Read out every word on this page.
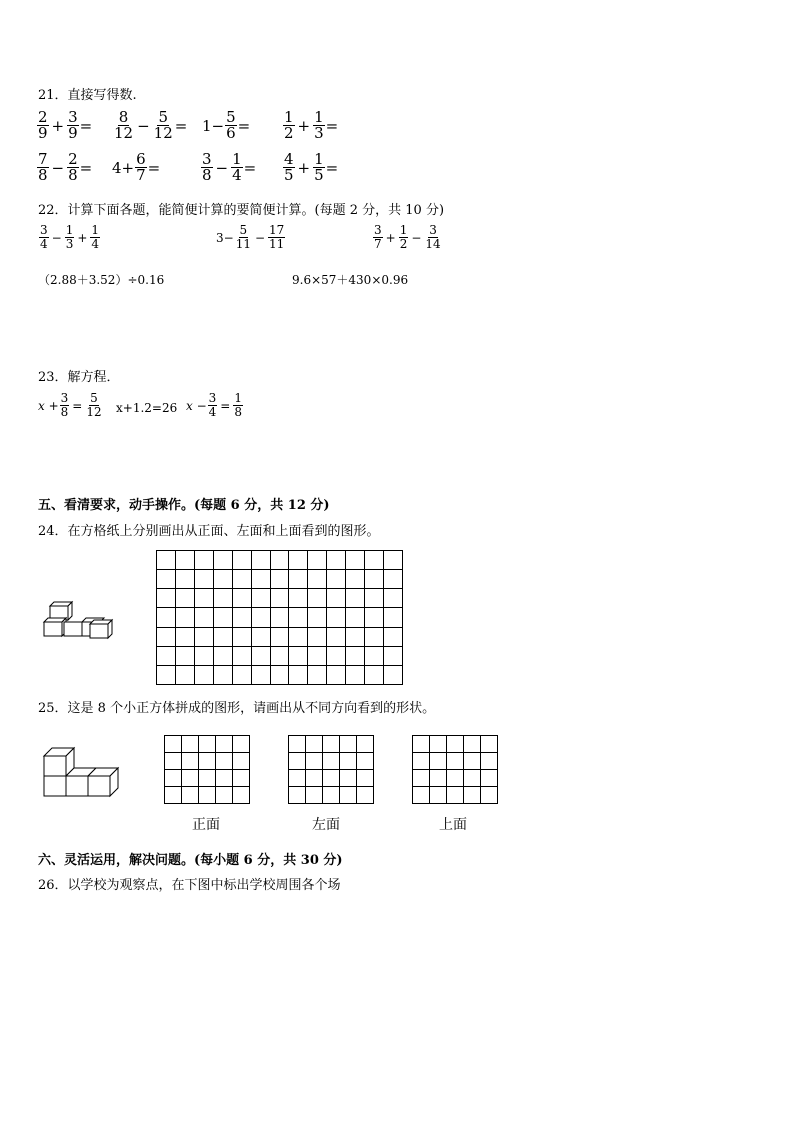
21．直接写得数.
$\frac{2}{9} + \frac{3}{9} = \frac{8}{12} - \frac{5}{12} = 1- \frac{5}{6} = \frac{1}{2} + \frac{1}{3}$ =
$\frac{7}{8} - \frac{2}{8} = 4+ \frac{6}{7}$ =	$\frac{3}{8} - \frac{1}{4} = \frac{4}{5} + \frac{1}{5}$ =
22．计算下面各题，能简便计算的要简便计算。(每题 2 分，共 10 分)
$\frac{3}{4} - \frac{1}{3} + \frac{1}{4}$	$3- \frac{5}{11} - \frac{17}{11}$	$\frac{3}{7} + \frac{1}{2} - \frac{3}{14}$
（2.88＋3.52）÷0.16	9.6×57＋430×0.96
23．解方程．
$x + \frac{3}{8} = \frac{5}{12} x+1.2=26$ $x - \frac{3}{4} = \frac{1}{8}$
五、看清要求，动手操作。(每题 6 分，共 12 分)
24．在方格纸上分别画出从正面、左面和上面看到的图形。
25．这是 8 个小正方体拼成的图形，请画出从不同方向看到的形状。
正面	左面	上面
六、灵活运用，解决问题。(每小题 6 分，共 30 分)
26．以学校为观察点，在下图中标出学校周围各个场
